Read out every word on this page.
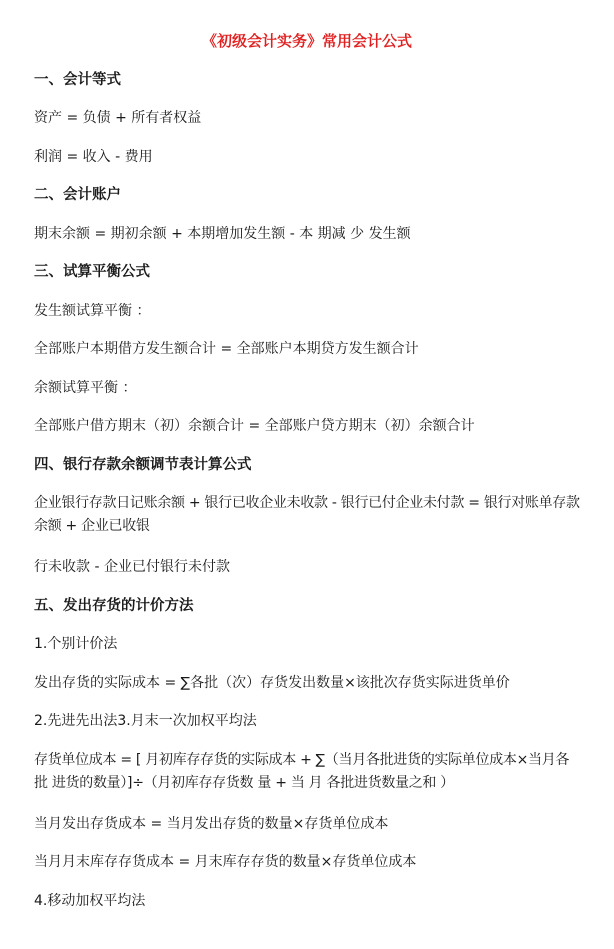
《初级会计实务》常用会计公式
一、会计等式
资产 = 负债 + 所有者权益
利润 = 收入 - 费用
二、会计账户
期末余额 = 期初余额 + 本期增加发生额 - 本 期减 少 发生额
三、试算平衡公式
发生额试算平衡 ：
全部账户本期借方发生额合计 = 全部账户本期贷方发生额合计
余额试算平衡 ：
全部账户借方期末（初）余额合计 = 全部账户贷方期末（初）余额合计
四、银行存款余额调节表计算公式
企业银行存款日记账余额 + 银行已收企业未收款 - 银行已付企业未付款 = 银行对账单存款余额 + 企业已收银
行未收款 - 企业已付银行未付款
五、发出存货的计价方法
1.个别计价法
发出存货的实际成本 = ∑各批（次）存货发出数量×该批次存货实际进货单价
2.先进先出法3.月末一次加权平均法
存货单位成本 = [ 月初库存存货的实际成本 + ∑（当月各批进货的实际单位成本×当月各 批 进货的数量）]÷（月初库存存货数 量 + 当 月 各批进货数量之和 ）
当月发出存货成本 = 当月发出存货的数量×存货单位成本
当月月末库存存货成本 = 月末库存存货的数量×存货单位成本
4.移动加权平均法
